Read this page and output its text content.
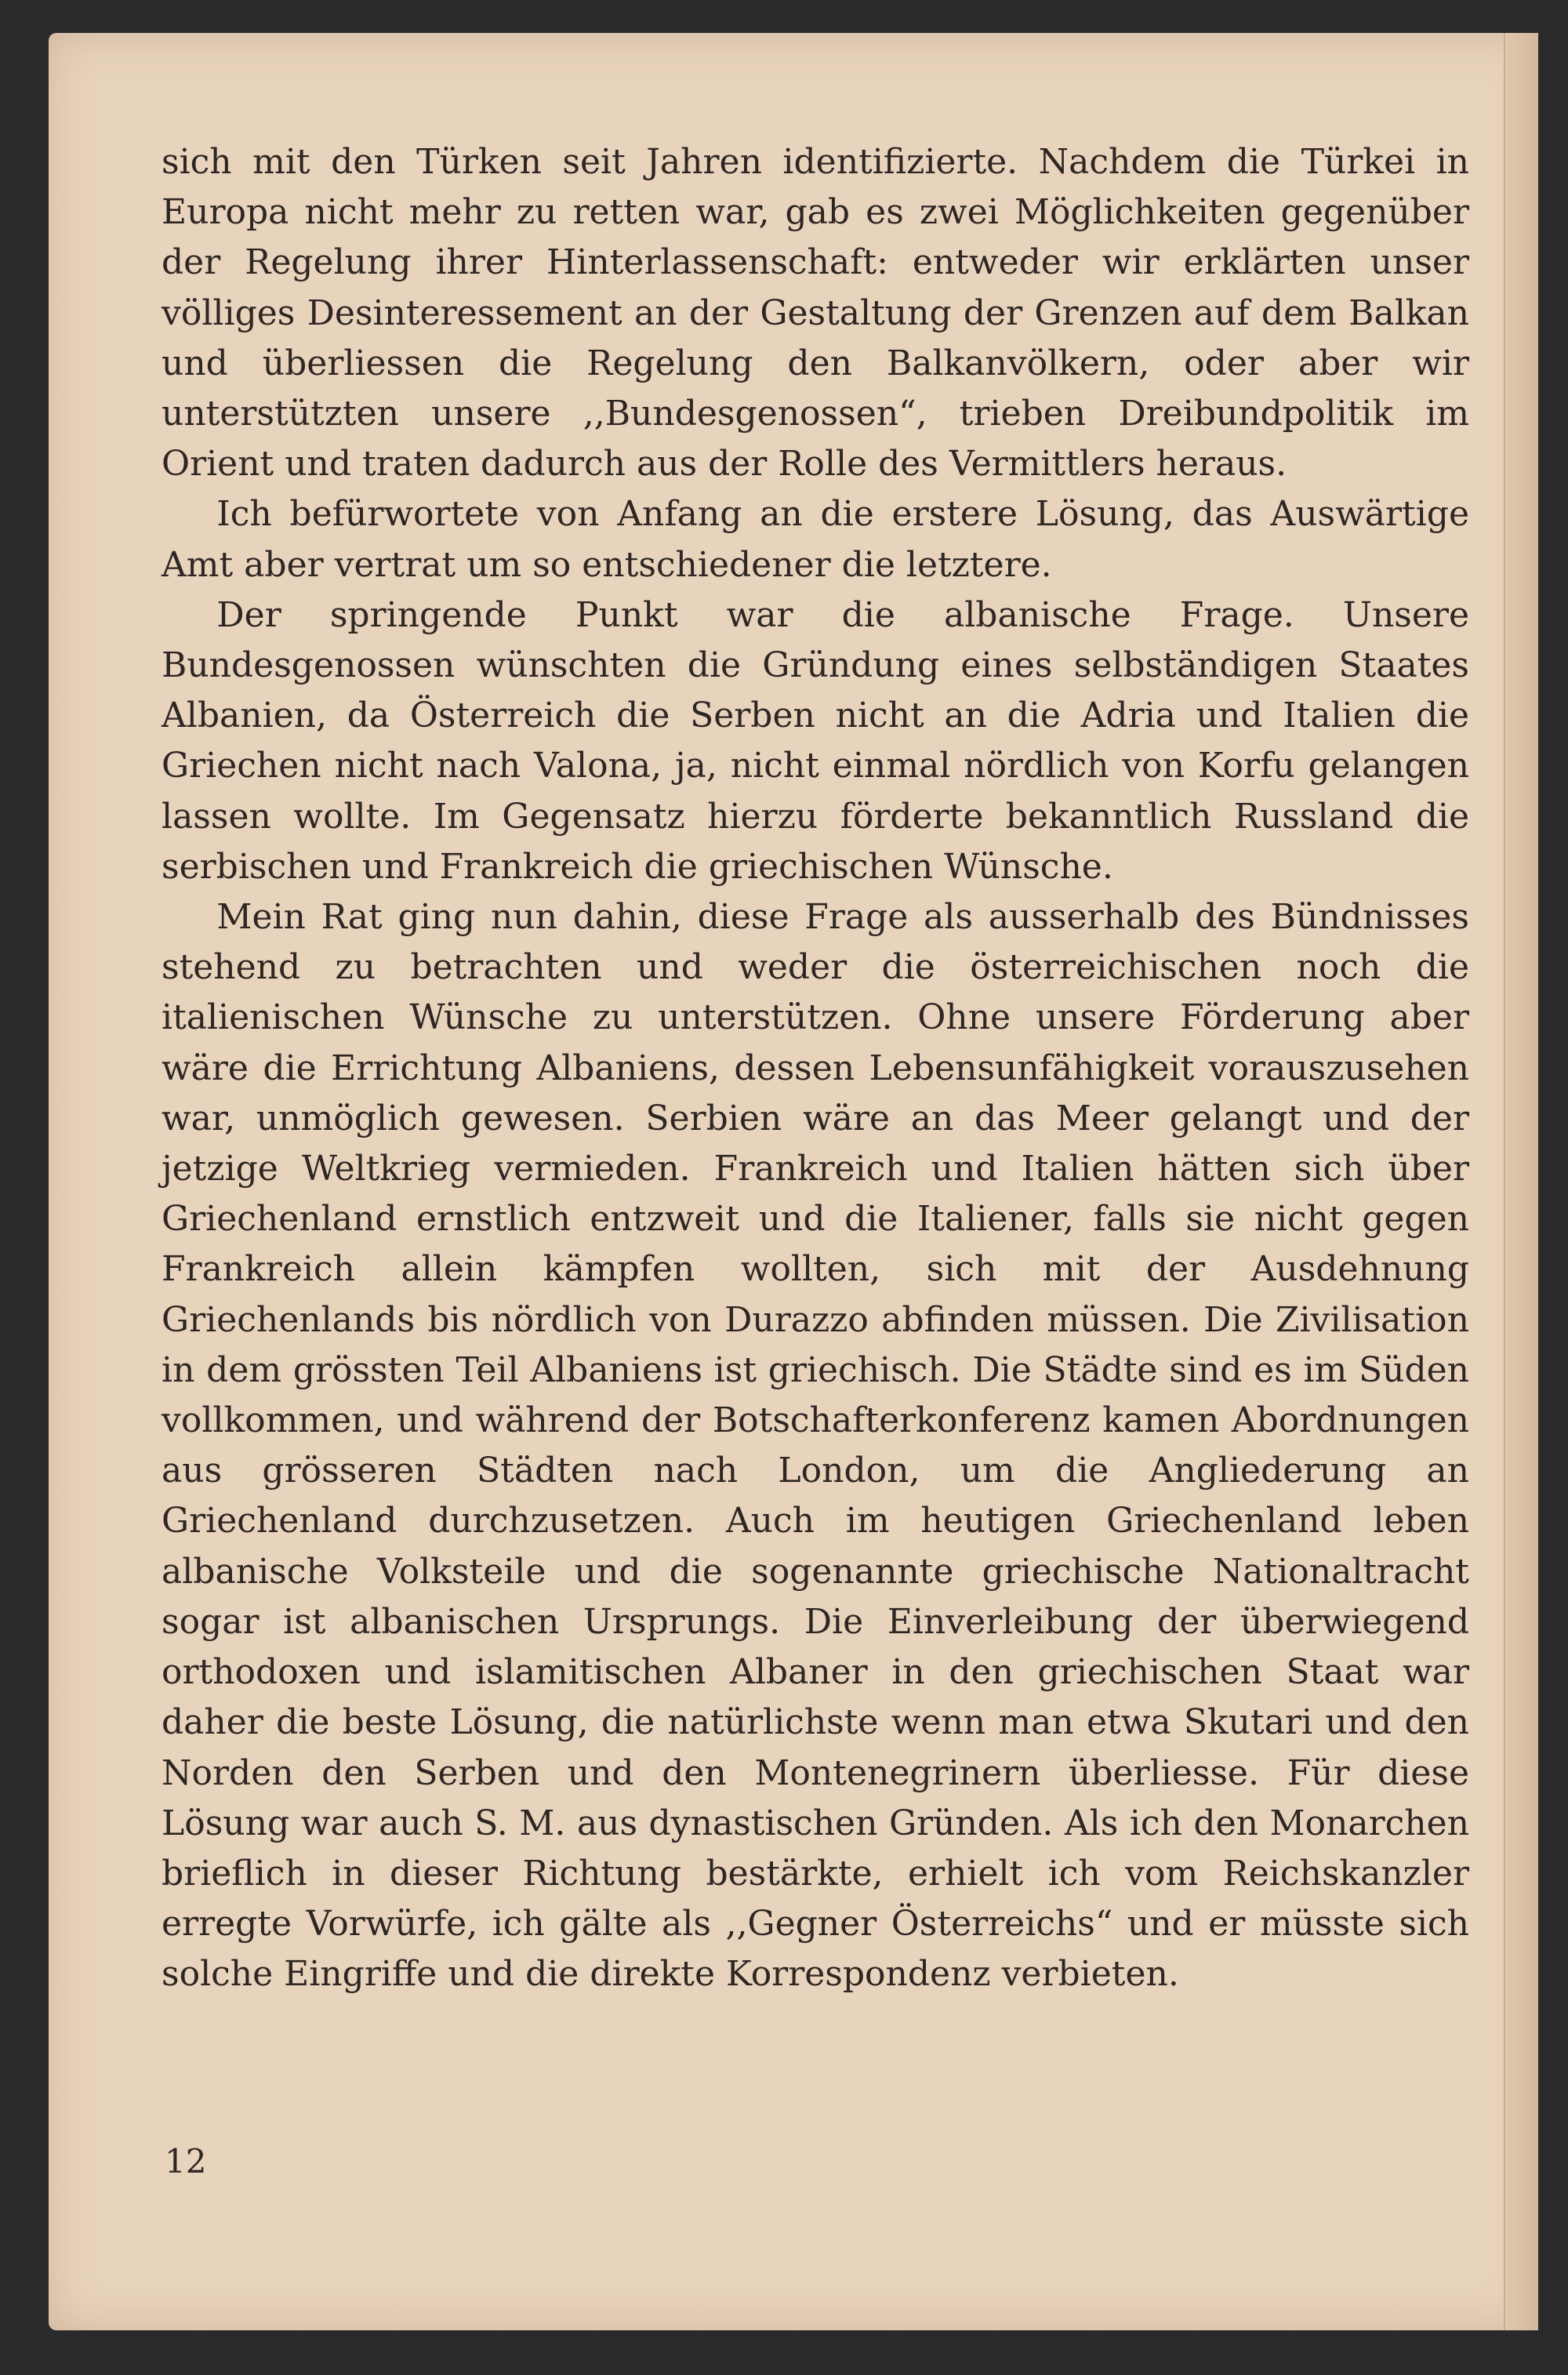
sich mit den Türken seit Jahren identifizierte. Nachdem die Türkei in Europa nicht mehr zu retten war, gab es zwei Möglichkeiten gegenüber der Regelung ihrer Hinterlassenschaft: entweder wir erklärten unser völliges Desinteressement an der Gestaltung der Grenzen auf dem Balkan und überliessen die Regelung den Balkanvölkern, oder aber wir unterstützten unsere ,,Bundesgenossen“, trieben Dreibundpolitik im Orient und traten dadurch aus der Rolle des Vermittlers heraus.

Ich befürwortete von Anfang an die erstere Lösung, das Auswärtige Amt aber vertrat um so entschiedener die letztere.

Der springende Punkt war die albanische Frage. Unsere Bundesgenossen wünschten die Gründung eines selbständigen Staates Albanien, da Österreich die Serben nicht an die Adria und Italien die Griechen nicht nach Valona, ja, nicht einmal nördlich von Korfu gelangen lassen wollte. Im Gegensatz hierzu förderte bekanntlich Russland die serbischen und Frankreich die griechischen Wünsche.

Mein Rat ging nun dahin, diese Frage als ausserhalb des Bündnisses stehend zu betrachten und weder die österreichischen noch die italienischen Wünsche zu unterstützen. Ohne unsere Förderung aber wäre die Errichtung Albaniens, dessen Lebensunfähigkeit vorauszusehen war, unmöglich gewesen. Serbien wäre an das Meer gelangt und der jetzige Weltkrieg vermieden. Frankreich und Italien hätten sich über Griechenland ernstlich entzweit und die Italiener, falls sie nicht gegen Frankreich allein kämpfen wollten, sich mit der Ausdehnung Griechenlands bis nördlich von Durazzo abfinden müssen. Die Zivilisation in dem grössten Teil Albaniens ist griechisch. Die Städte sind es im Süden vollkommen, und während der Botschafterkonferenz kamen Abordnungen aus grösseren Städten nach London, um die Angliederung an Griechenland durchzusetzen. Auch im heutigen Griechenland leben albanische Volksteile und die sogenannte griechische Nationaltracht sogar ist albanischen Ursprungs. Die Einverleibung der überwiegend orthodoxen und islamitischen Albaner in den griechischen Staat war daher die beste Lösung, die natürlichste wenn man etwa Skutari und den Norden den Serben und den Montenegrinern überliesse. Für diese Lösung war auch S. M. aus dynastischen Gründen. Als ich den Monarchen brieflich in dieser Richtung bestärkte, erhielt ich vom Reichskanzler erregte Vorwürfe, ich gälte als ,,Gegner Österreichs“ und er müsste sich solche Eingriffe und die direkte Korrespondenz verbieten.

12
